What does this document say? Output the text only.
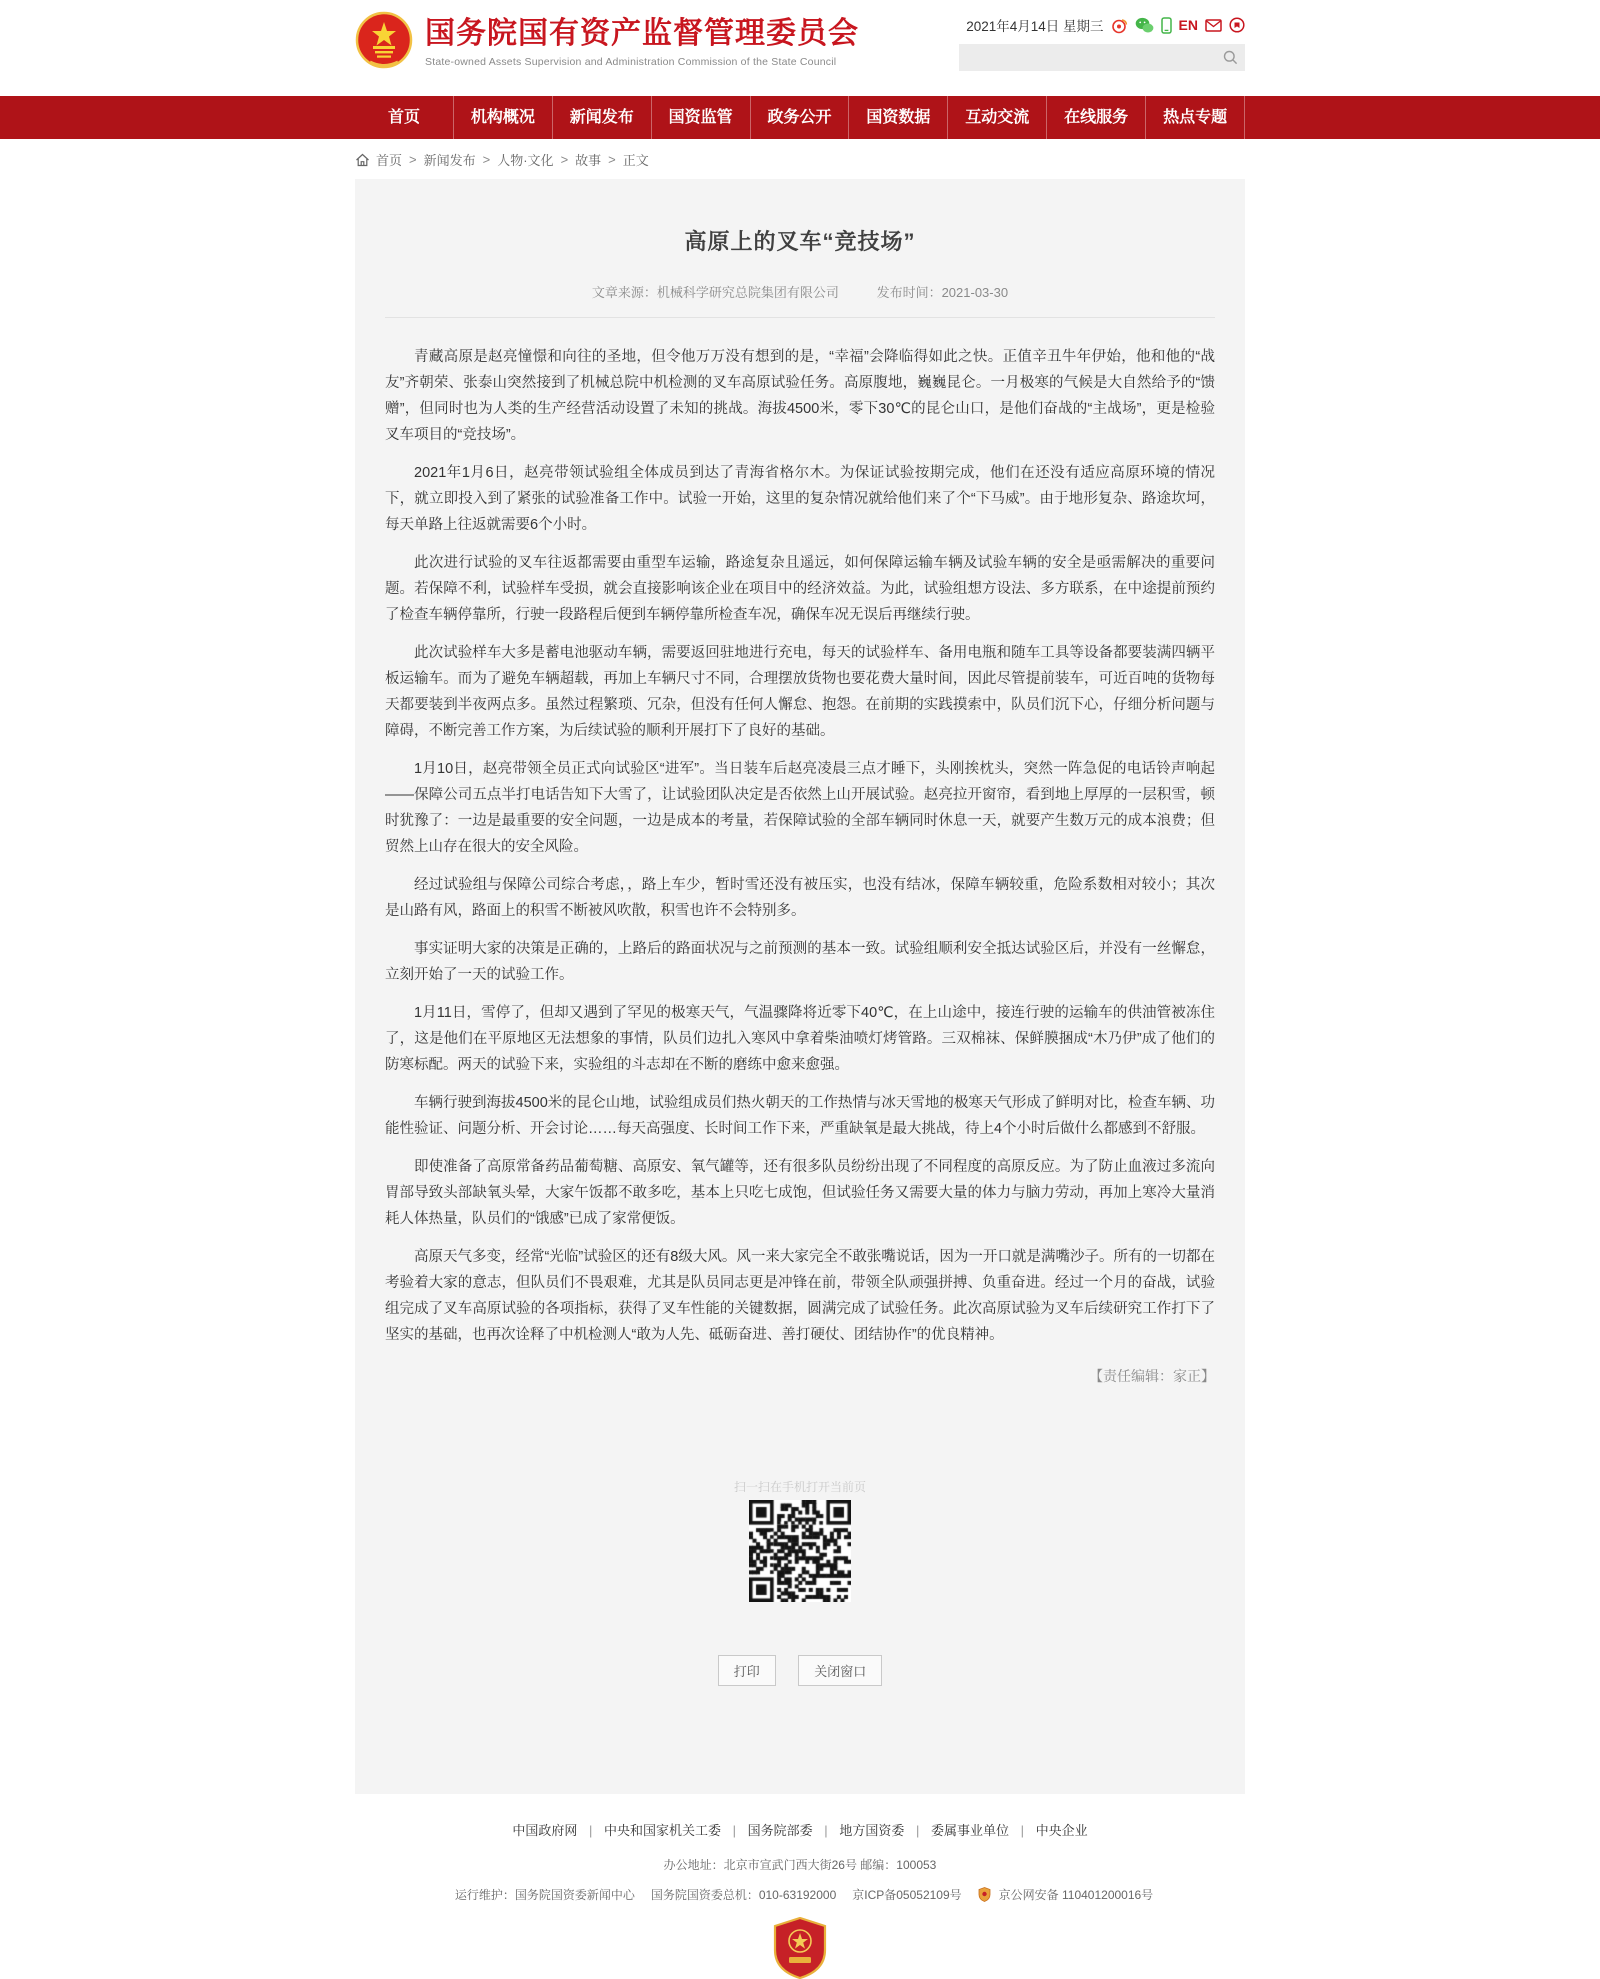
国务院国有资产监督管理委员会
State-owned Assets Supervision and Administration Commission of the State Council
2021年4月14日 星期三	EN
首页	机构概况	新闻发布	国资监管	政务公开	国资数据	互动交流	在线服务	热点专题
首页 > 新闻发布 > 人物·文化 > 故事 > 正文
高原上的叉车“竞技场”
文章来源：机械科学研究总院集团有限公司	发布时间：2021-03-30

青藏高原是赵亮憧憬和向往的圣地，但令他万万没有想到的是，“幸福”会降临得如此之快。正值辛丑牛年伊始，他和他的“战友”齐朝荣、张泰山突然接到了机械总院中机检测的叉车高原试验任务。高原腹地，巍巍昆仑。一月极寒的气候是大自然给予的“馈赠”，但同时也为人类的生产经营活动设置了未知的挑战。海拔4500米，零下30℃的昆仑山口，是他们奋战的“主战场”，更是检验叉车项目的“竞技场”。

2021年1月6日，赵亮带领试验组全体成员到达了青海省格尔木。为保证试验按期完成，他们在还没有适应高原环境的情况下，就立即投入到了紧张的试验准备工作中。试验一开始，这里的复杂情况就给他们来了个“下马威”。由于地形复杂、路途坎坷，每天单路上往返就需要6个小时。

此次进行试验的叉车往返都需要由重型车运输，路途复杂且遥远，如何保障运输车辆及试验车辆的安全是亟需解决的重要问题。若保障不利，试验样车受损，就会直接影响该企业在项目中的经济效益。为此，试验组想方设法、多方联系，在中途提前预约了检查车辆停靠所，行驶一段路程后便到车辆停靠所检查车况，确保车况无误后再继续行驶。

此次试验样车大多是蓄电池驱动车辆，需要返回驻地进行充电，每天的试验样车、备用电瓶和随车工具等设备都要装满四辆平板运输车。而为了避免车辆超载，再加上车辆尺寸不同，合理摆放货物也要花费大量时间，因此尽管提前装车，可近百吨的货物每天都要装到半夜两点多。虽然过程繁琐、冗杂，但没有任何人懈怠、抱怨。在前期的实践摸索中，队员们沉下心，仔细分析问题与障碍，不断完善工作方案，为后续试验的顺利开展打下了良好的基础。

1月10日，赵亮带领全员正式向试验区“进军”。当日装车后赵亮凌晨三点才睡下，头刚挨枕头，突然一阵急促的电话铃声响起——保障公司五点半打电话告知下大雪了，让试验团队决定是否依然上山开展试验。赵亮拉开窗帘，看到地上厚厚的一层积雪，顿时犹豫了：一边是最重要的安全问题，一边是成本的考量，若保障试验的全部车辆同时休息一天，就要产生数万元的成本浪费；但贸然上山存在很大的安全风险。

经过试验组与保障公司综合考虑，，路上车少，暂时雪还没有被压实，也没有结冰，保障车辆较重，危险系数相对较小；其次是山路有风，路面上的积雪不断被风吹散，积雪也许不会特别多。

事实证明大家的决策是正确的，上路后的路面状况与之前预测的基本一致。试验组顺利安全抵达试验区后，并没有一丝懈怠，立刻开始了一天的试验工作。

1月11日，雪停了，但却又遇到了罕见的极寒天气，气温骤降将近零下40℃，在上山途中，接连行驶的运输车的供油管被冻住了，这是他们在平原地区无法想象的事情，队员们边扎入寒风中拿着柴油喷灯烤管路。三双棉袜、保鲜膜捆成“木乃伊”成了他们的防寒标配。两天的试验下来，实验组的斗志却在不断的磨练中愈来愈强。

车辆行驶到海拔4500米的昆仑山地，试验组成员们热火朝天的工作热情与冰天雪地的极寒天气形成了鲜明对比，检查车辆、功能性验证、问题分析、开会讨论……每天高强度、长时间工作下来，严重缺氧是最大挑战，待上4个小时后做什么都感到不舒服。

即使准备了高原常备药品葡萄糖、高原安、氧气罐等，还有很多队员纷纷出现了不同程度的高原反应。为了防止血液过多流向胃部导致头部缺氧头晕，大家午饭都不敢多吃，基本上只吃七成饱，但试验任务又需要大量的体力与脑力劳动，再加上寒冷大量消耗人体热量，队员们的“饿感”已成了家常便饭。

高原天气多变，经常“光临”试验区的还有8级大风。风一来大家完全不敢张嘴说话，因为一开口就是满嘴沙子。所有的一切都在考验着大家的意志，但队员们不畏艰难，尤其是队员同志更是冲锋在前，带领全队顽强拼搏、负重奋进。经过一个月的奋战，试验组完成了叉车高原试验的各项指标，获得了叉车性能的关键数据，圆满完成了试验任务。此次高原试验为叉车后续研究工作打下了坚实的基础，也再次诠释了中机检测人“敢为人先、砥砺奋进、善打硬仗、团结协作”的优良精神。

【责任编辑：家正】
扫一扫在手机打开当前页
打印	关闭窗口
中国政府网 | 中央和国家机关工委 | 国务院部委 | 地方国资委 | 委属事业单位 | 中央企业
办公地址：北京市宣武门西大街26号 邮编：100053
运行维护：国务院国资委新闻中心 国务院国资委总机：010-63192000 京ICP备05052109号	京公网安备 110401200016号
